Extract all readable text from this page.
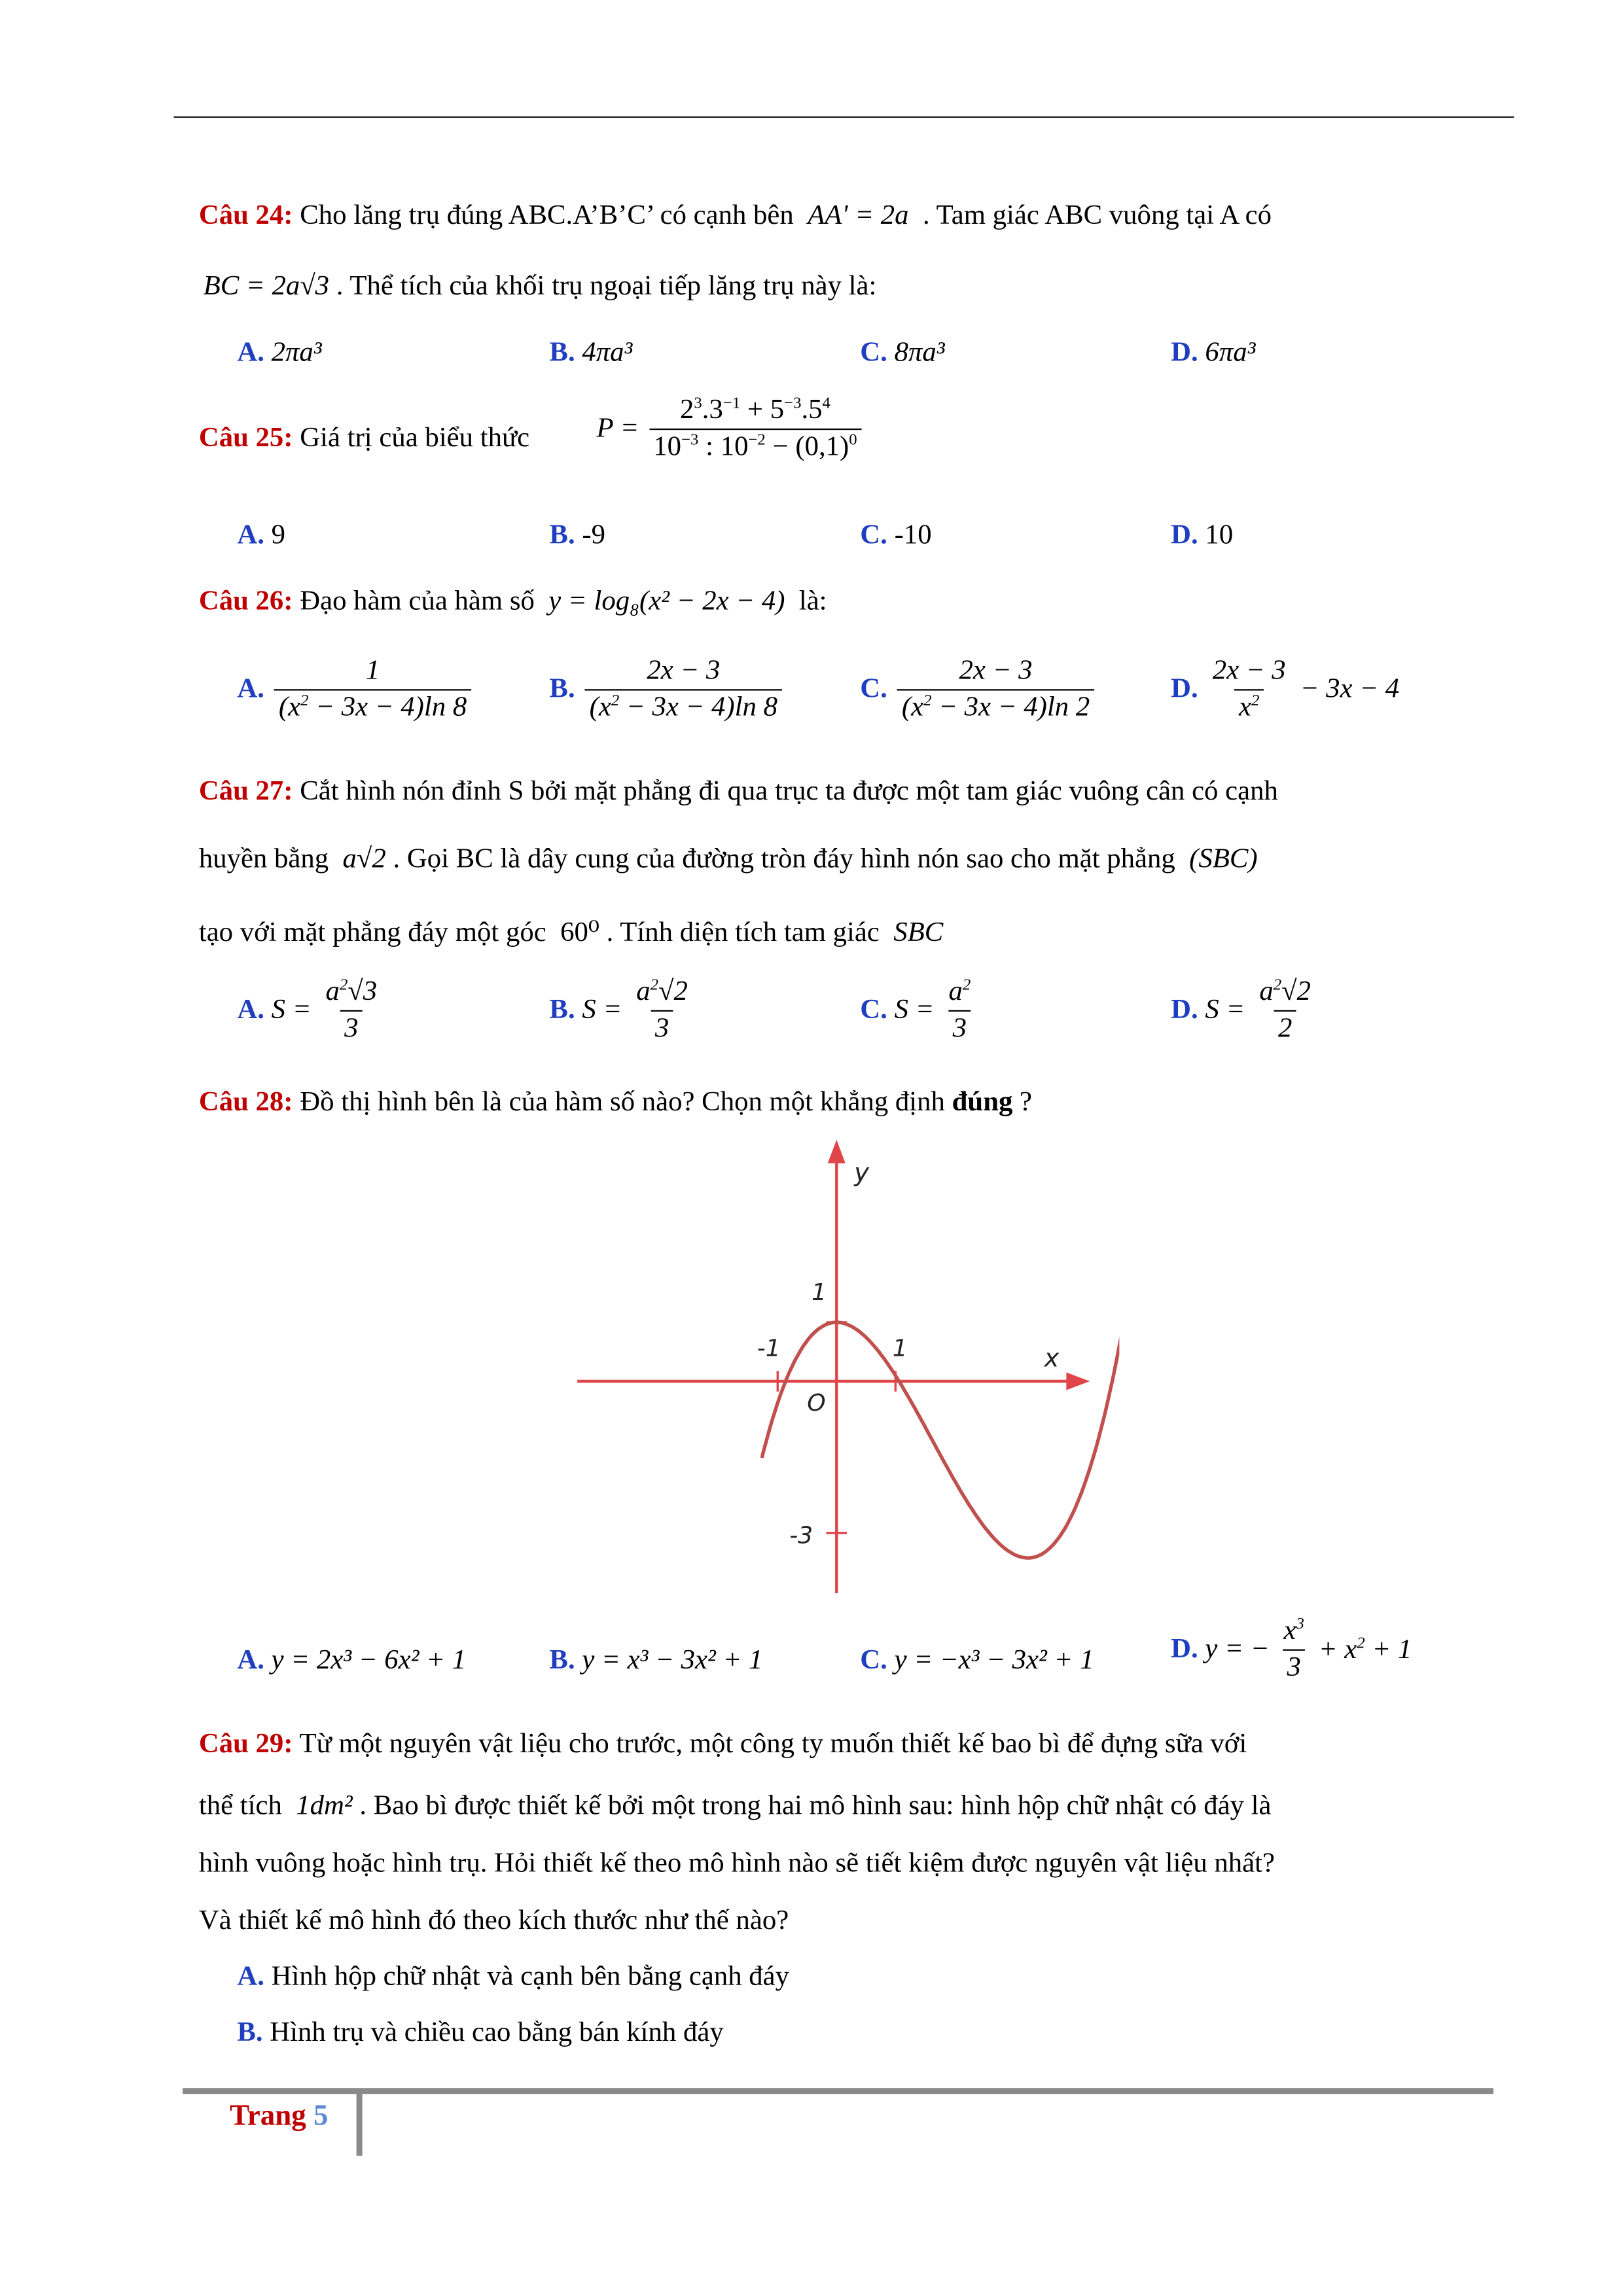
Câu 24: Cho lăng trụ đúng ABC.A’B’C’ có cạnh bên AA' = 2a . Tam giác ABC vuông tại A có
BC = 2a√3 . Thể tích của khối trụ ngoại tiếp lăng trụ này là:
A. 2πa³	B. 4πa³	C. 8πa³	D. 6πa³
Câu 25: Giá trị của biểu thức	$P = \frac{2^3.3^{-1} + 5^{-3}.5^4}{10^{-3} : 10^{-2} - (0,1)^0}$
A. 9	B. -9	C. -10	D. 10
Câu 26: Đạo hàm của hàm số y = log₈(x² − 2x − 4) là:
A. $\frac{1}{(x^2 - 3x - 4)\ln 8}$	B. $\frac{2x - 3}{(x^2 - 3x - 4)\ln 8}$	C. $\frac{2x - 3}{(x^2 - 3x - 4)\ln 2}$	D. $\frac{2x - 3}{x^2} - 3x - 4$
Câu 27: Cắt hình nón đỉnh S bởi mặt phẳng đi qua trục ta được một tam giác vuông cân có cạnh
huyền bằng a√2 . Gọi BC là dây cung của đường tròn đáy hình nón sao cho mặt phẳng (SBC)
tạo với mặt phẳng đáy một góc 60⁰ . Tính diện tích tam giác SBC
A. $S = \frac{a^2√3}{3}$	B. $S = \frac{a^2√2}{3}$	C. $S = \frac{a^2}{3}$	D. $S = \frac{a^2√2}{2}$
Câu 28: Đồ thị hình bên là của hàm số nào? Chọn một khẳng định đúng ?
y
x
O
-1	1
1
-3
A. y = 2x³ − 6x² + 1	B. y = x³ − 3x² + 1	C. y = −x³ − 3x² + 1	D. y = − $\frac{x^3}{3} + x^2 + 1$
Câu 29: Từ một nguyên vật liệu cho trước, một công ty muốn thiết kế bao bì để đựng sữa với
thể tích 1dm² . Bao bì được thiết kế bởi một trong hai mô hình sau: hình hộp chữ nhật có đáy là
hình vuông hoặc hình trụ. Hỏi thiết kế theo mô hình nào sẽ tiết kiệm được nguyên vật liệu nhất?
Và thiết kế mô hình đó theo kích thước như thế nào?
A. Hình hộp chữ nhật và cạnh bên bằng cạnh đáy
B. Hình trụ và chiều cao bằng bán kính đáy
Trang 5
